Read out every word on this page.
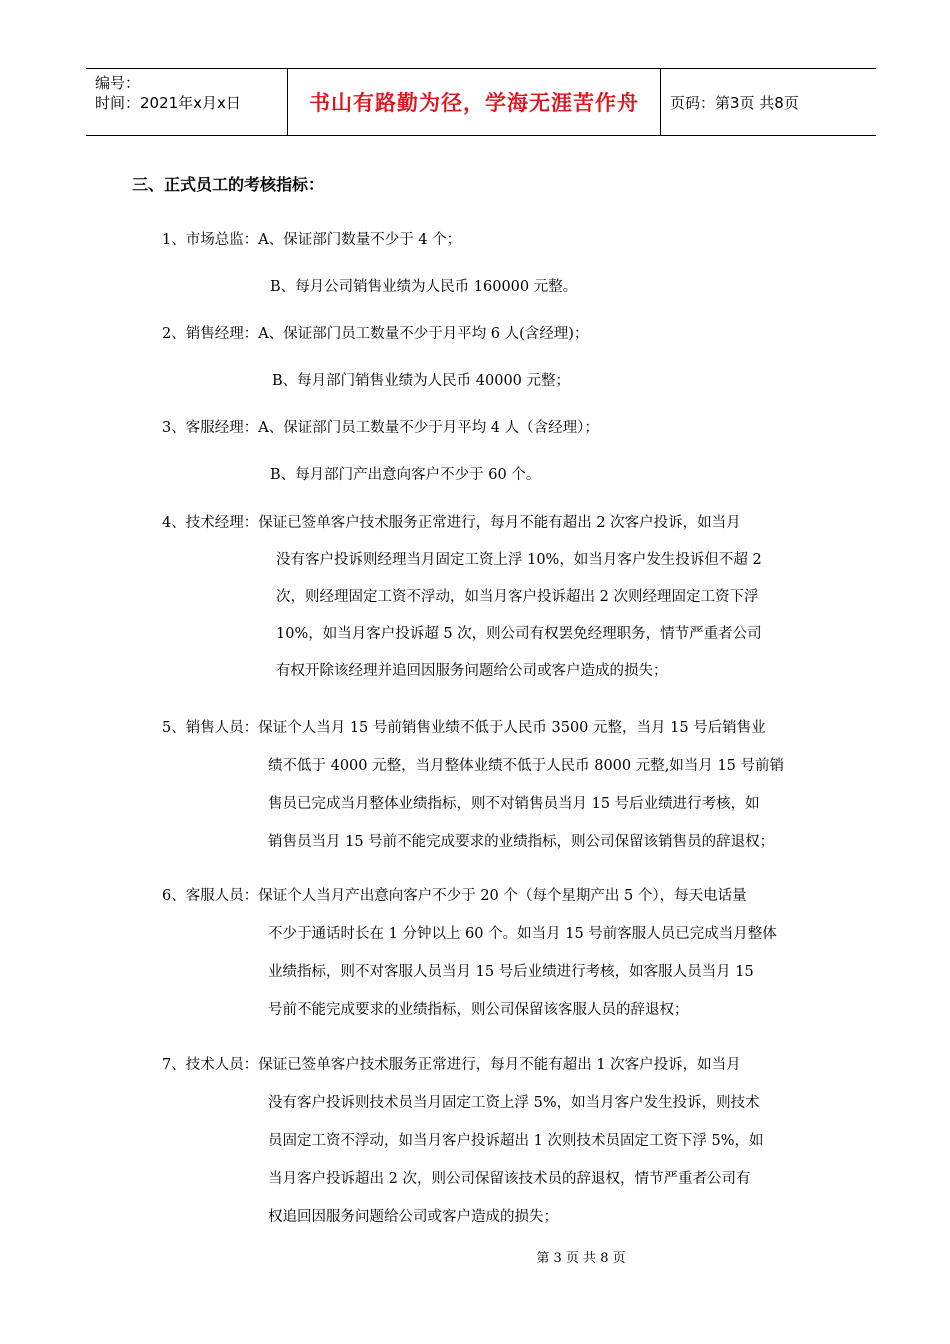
编号：
时间：2021年x月x日	书山有路勤为径，学海无涯苦作舟	页码：第3页 共8页
三、正式员工的考核指标：
1、市场总监：A、保证部门数量不少于 4 个；
B、每月公司销售业绩为人民币 160000 元整。
2、销售经理：A、保证部门员工数量不少于月平均 6 人(含经理)；
B、每月部门销售业绩为人民币 40000 元整；
3、客服经理：A、保证部门员工数量不少于月平均 4 人（含经理）；
B、每月部门产出意向客户不少于 60 个。
4、技术经理：保证已签单客户技术服务正常进行，每月不能有超出 2 次客户投诉，如当月
没有客户投诉则经理当月固定工资上浮 10%，如当月客户发生投诉但不超 2
次，则经理固定工资不浮动，如当月客户投诉超出 2 次则经理固定工资下浮
10%，如当月客户投诉超 5 次，则公司有权罢免经理职务，情节严重者公司
有权开除该经理并追回因服务问题给公司或客户造成的损失；
5、销售人员：保证个人当月 15 号前销售业绩不低于人民币 3500 元整，当月 15 号后销售业
绩不低于 4000 元整，当月整体业绩不低于人民币 8000 元整,如当月 15 号前销
售员已完成当月整体业绩指标，则不对销售员当月 15 号后业绩进行考核，如
销售员当月 15 号前不能完成要求的业绩指标，则公司保留该销售员的辞退权；
6、客服人员：保证个人当月产出意向客户不少于 20 个（每个星期产出 5 个），每天电话量
不少于通话时长在 1 分钟以上 60 个。如当月 15 号前客服人员已完成当月整体
业绩指标，则不对客服人员当月 15 号后业绩进行考核，如客服人员当月 15
号前不能完成要求的业绩指标，则公司保留该客服人员的辞退权；
7、技术人员：保证已签单客户技术服务正常进行，每月不能有超出 1 次客户投诉，如当月
没有客户投诉则技术员当月固定工资上浮 5%，如当月客户发生投诉，则技术
员固定工资不浮动，如当月客户投诉超出 1 次则技术员固定工资下浮 5%，如
当月客户投诉超出 2 次，则公司保留该技术员的辞退权，情节严重者公司有
权追回因服务问题给公司或客户造成的损失；
第 3 页 共 8 页
